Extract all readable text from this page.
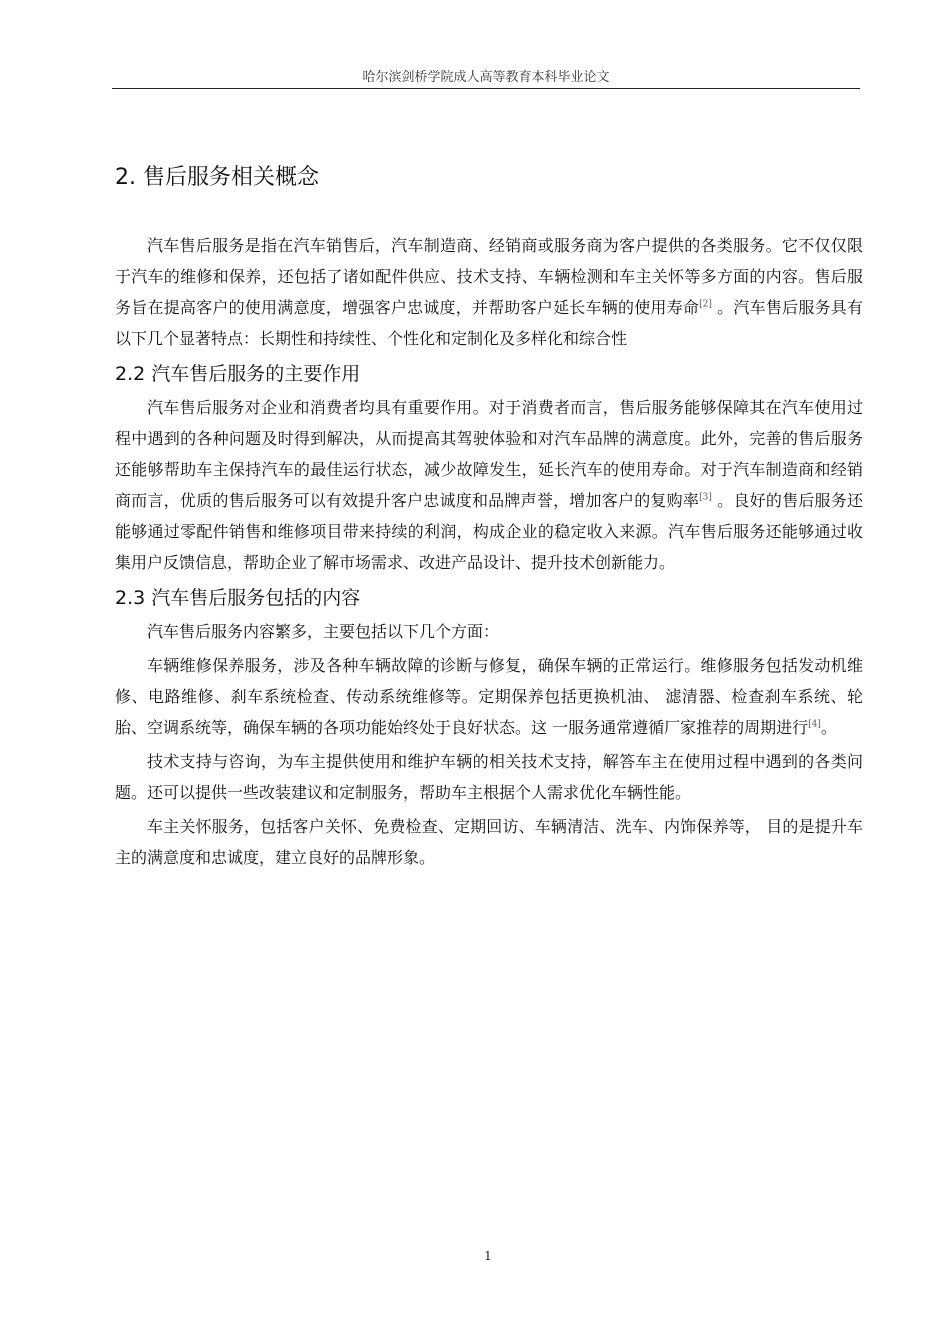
哈尔滨剑桥学院成人高等教育本科毕业论文
2. 售后服务相关概念

汽车售后服务是指在汽车销售后，汽车制造商、经销商或服务商为客户提供的各类服务。它不仅仅限于汽车的维修和保养，还包括了诸如配件供应、技术支持、车辆检测和车主关怀等多方面的内容。售后服务旨在提高客户的使用满意度，增强客户忠诚度，并帮助客户延长车辆的使用寿命[2] 。汽车售后服务具有以下几个显著特点：长期性和持续性、个性化和定制化及多样化和综合性

2.2 汽车售后服务的主要作用

汽车售后服务对企业和消费者均具有重要作用。对于消费者而言，售后服务能够保障其在汽车使用过程中遇到的各种问题及时得到解决，从而提高其驾驶体验和对汽车品牌的满意度。此外，完善的售后服务还能够帮助车主保持汽车的最佳运行状态，减少故障发生，延长汽车的使用寿命。对于汽车制造商和经销商而言，优质的售后服务可以有效提升客户忠诚度和品牌声誉，增加客户的复购率[3] 。良好的售后服务还能够通过零配件销售和维修项目带来持续的利润，构成企业的稳定收入来源。汽车售后服务还能够通过收集用户反馈信息，帮助企业了解市场需求、改进产品设计、提升技术创新能力。

2.3 汽车售后服务包括的内容

汽车售后服务内容繁多，主要包括以下几个方面：

车辆维修保养服务，涉及各种车辆故障的诊断与修复，确保车辆的正常运行。维修服务包括发动机维修、电路维修、刹车系统检查、传动系统维修等。定期保养包括更换机油、 滤清器、检查刹车系统、轮胎、空调系统等，确保车辆的各项功能始终处于良好状态。这 一服务通常遵循厂家推荐的周期进行[4]。

技术支持与咨询，为车主提供使用和维护车辆的相关技术支持，解答车主在使用过程中遇到的各类问题。还可以提供一些改装建议和定制服务，帮助车主根据个人需求优化车辆性能。

车主关怀服务，包括客户关怀、免费检查、定期回访、车辆清洁、洗车、内饰保养等， 目的是提升车主的满意度和忠诚度，建立良好的品牌形象。

1
